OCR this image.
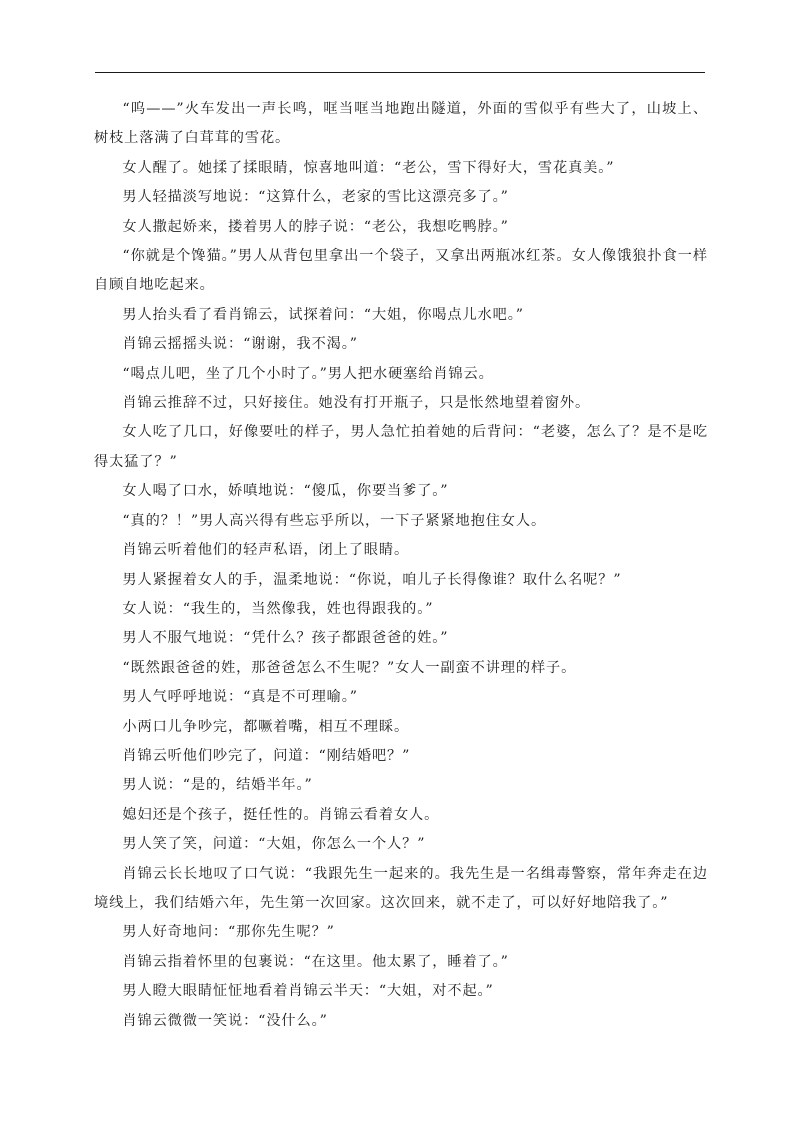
“呜——”火车发出一声长鸣，哐当哐当地跑出隧道，外面的雪似乎有些大了，山坡上、树枝上落满了白茸茸的雪花。

女人醒了。她揉了揉眼睛，惊喜地叫道：“老公，雪下得好大，雪花真美。”

男人轻描淡写地说：“这算什么，老家的雪比这漂亮多了。”

女人撒起娇来，搂着男人的脖子说：“老公，我想吃鸭脖。”

“你就是个馋猫。”男人从背包里拿出一个袋子，又拿出两瓶冰红茶。女人像饿狼扑食一样自顾自地吃起来。

男人抬头看了看肖锦云，试探着问：“大姐，你喝点儿水吧。”

肖锦云摇摇头说：“谢谢，我不渴。”

“喝点儿吧，坐了几个小时了。”男人把水硬塞给肖锦云。

肖锦云推辞不过，只好接住。她没有打开瓶子，只是怅然地望着窗外。

女人吃了几口，好像要吐的样子，男人急忙拍着她的后背问：“老婆，怎么了？是不是吃得太猛了？”

女人喝了口水，娇嗔地说：“傻瓜，你要当爹了。”

“真的？！”男人高兴得有些忘乎所以，一下子紧紧地抱住女人。

肖锦云听着他们的轻声私语，闭上了眼睛。

男人紧握着女人的手，温柔地说：“你说，咱儿子长得像谁？取什么名呢？”

女人说：“我生的，当然像我，姓也得跟我的。”

男人不服气地说：“凭什么？孩子都跟爸爸的姓。”

“既然跟爸爸的姓，那爸爸怎么不生呢？”女人一副蛮不讲理的样子。

男人气呼呼地说：“真是不可理喻。”

小两口儿争吵完，都噘着嘴，相互不理睬。

肖锦云听他们吵完了，问道：“刚结婚吧？”

男人说：“是的，结婚半年。”

媳妇还是个孩子，挺任性的。肖锦云看着女人。

男人笑了笑，问道：“大姐，你怎么一个人？”

肖锦云长长地叹了口气说：“我跟先生一起来的。我先生是一名缉毒警察，常年奔走在边境线上，我们结婚六年，先生第一次回家。这次回来，就不走了，可以好好地陪我了。”

男人好奇地问：“那你先生呢？”

肖锦云指着怀里的包裹说：“在这里。他太累了，睡着了。”

男人瞪大眼睛怔怔地看着肖锦云半天：“大姐，对不起。”

肖锦云微微一笑说：“没什么。”
